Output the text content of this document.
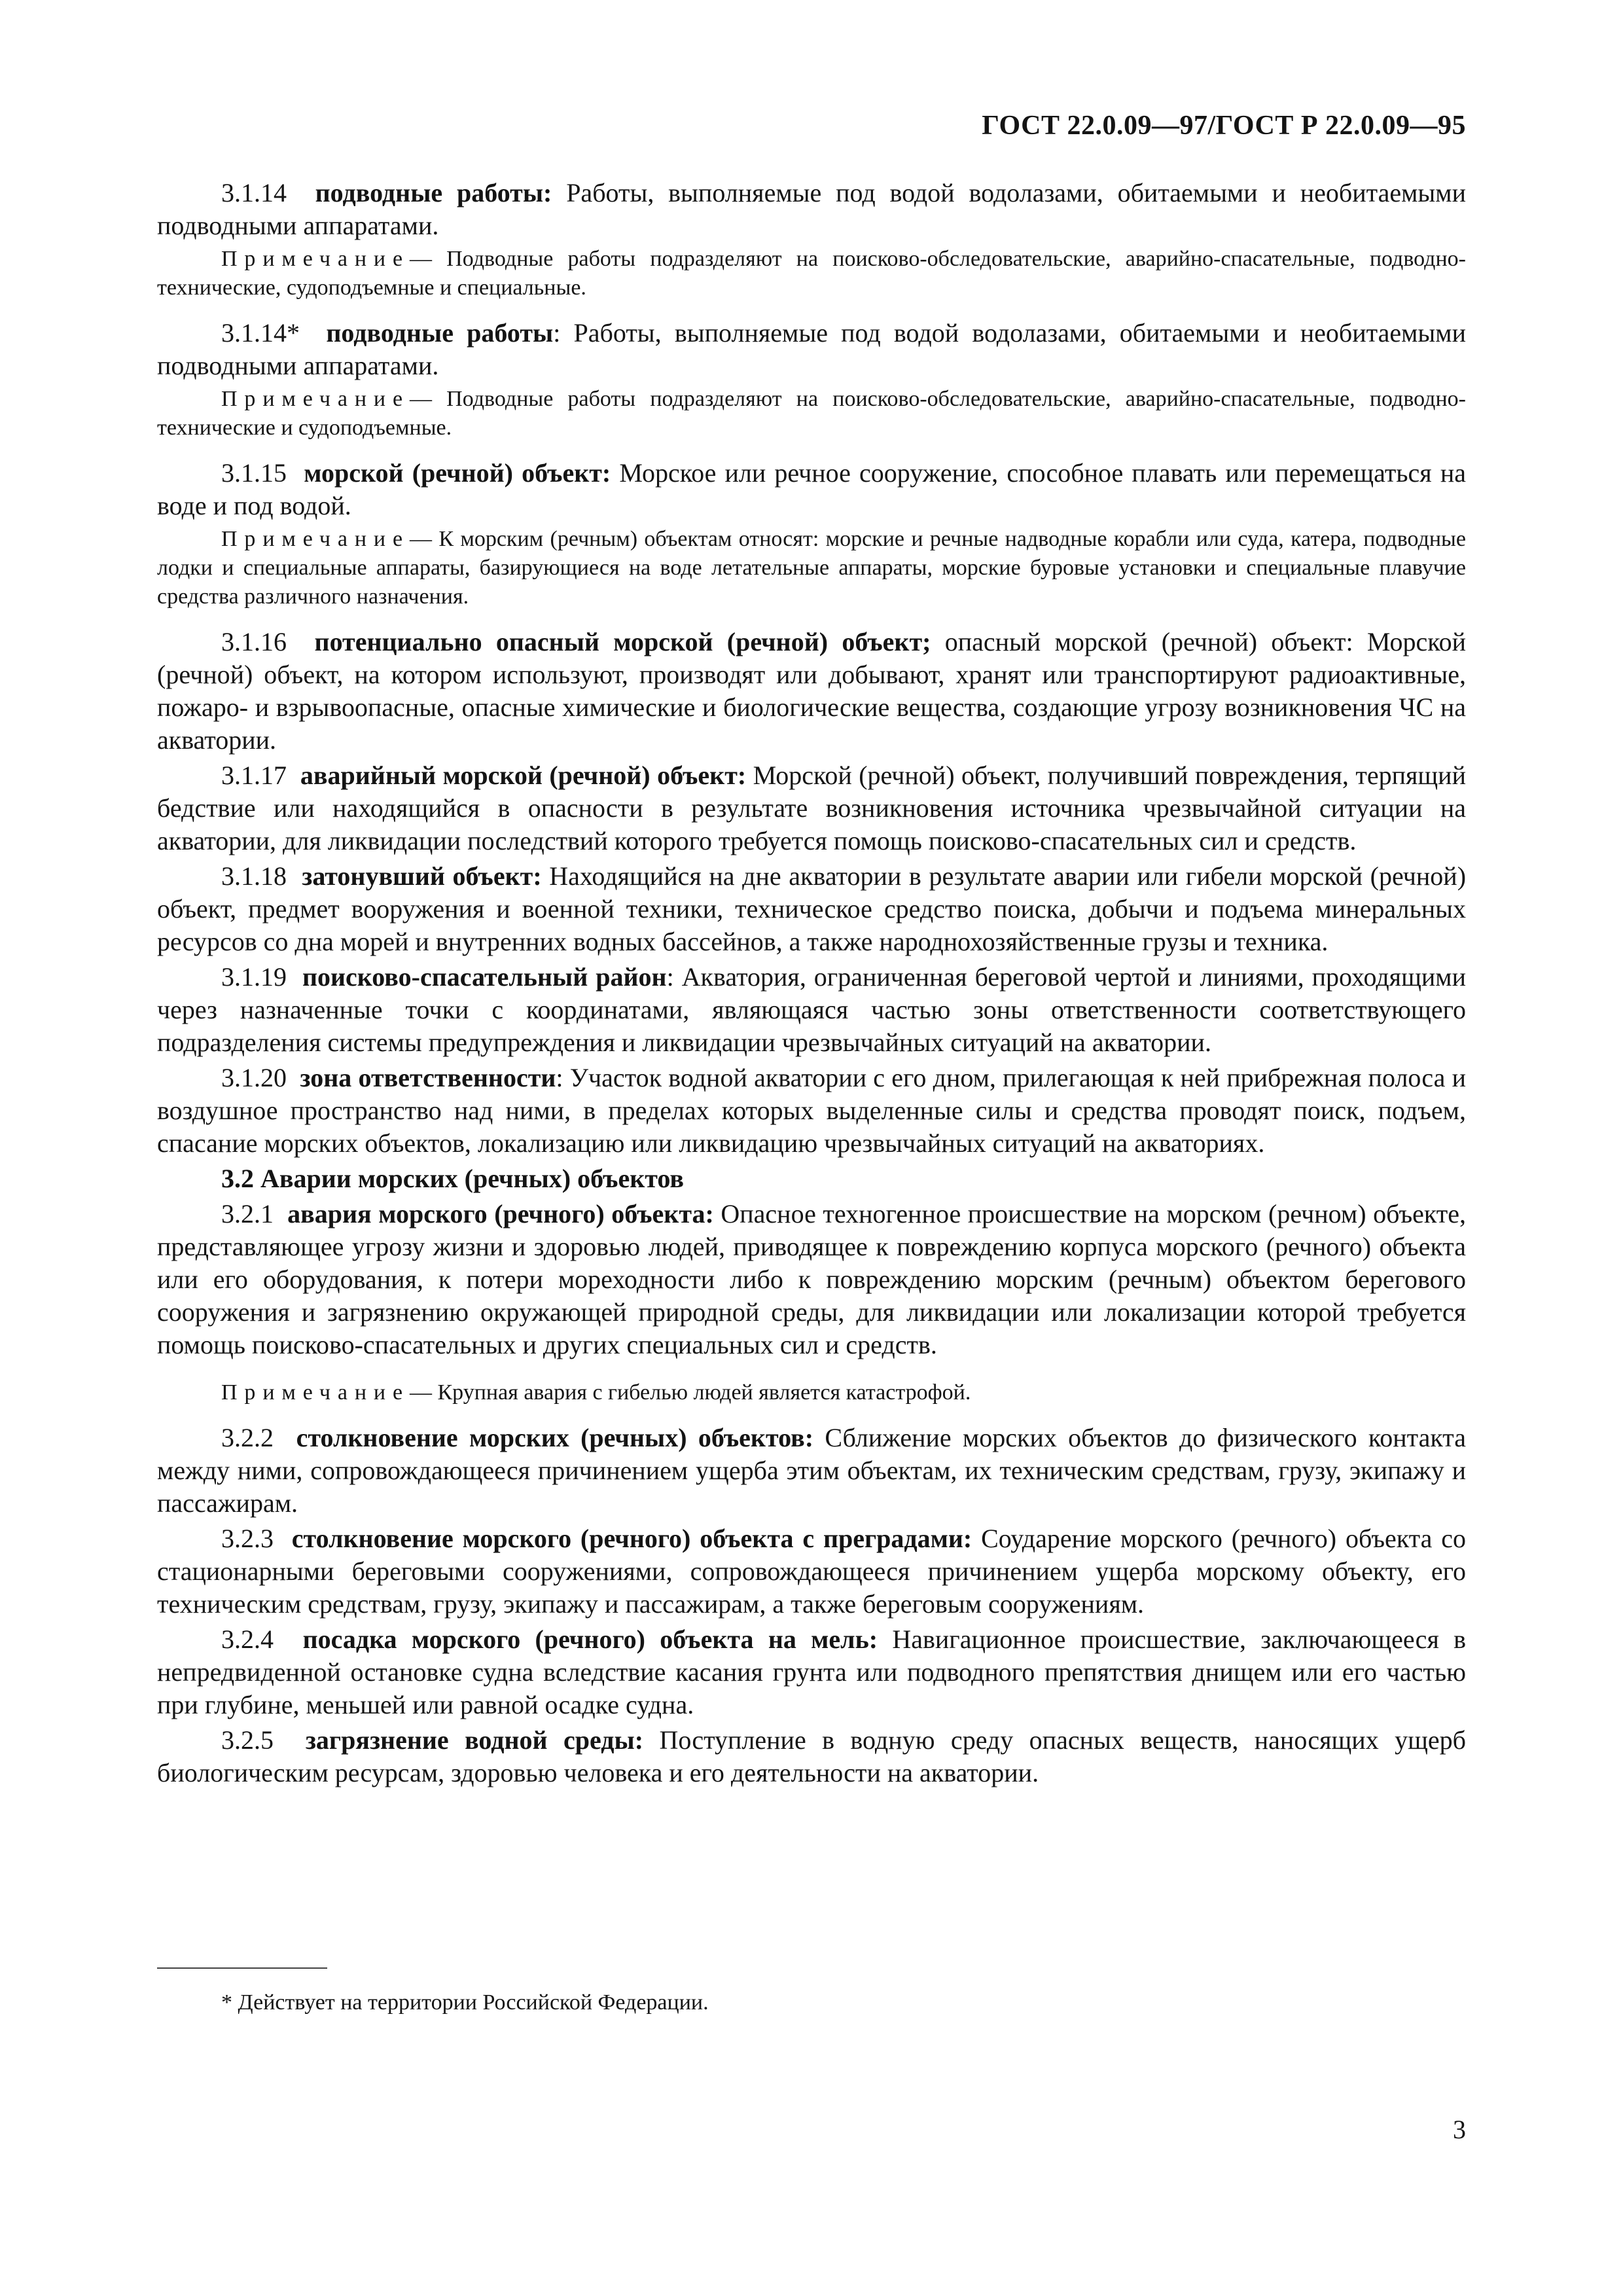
ГОСТ 22.0.09—97/ГОСТ Р 22.0.09—95

3.1.14 подводные работы: Работы, выполняемые под водой водолазами, обитаемыми и необитаемыми подводными аппаратами.

Примечание— Подводные работы подразделяют на поисково-обследовательские, аварийно-спасательные, подводно-технические, судоподъемные и специальные.

3.1.14* подводные работы: Работы, выполняемые под водой водолазами, обитаемыми и необитаемыми подводными аппаратами.

Примечание— Подводные работы подразделяют на поисково-обследовательские, аварийно-спасательные, подводно-технические и судоподъемные.

3.1.15 морской (речной) объект: Морское или речное сооружение, способное плавать или перемещаться на воде и под водой.

Примечание— К морским (речным) объектам относят: морские и речные надводные корабли или суда, катера, подводные лодки и специальные аппараты, базирующиеся на воде летательные аппараты, морские буровые установки и специальные плавучие средства различного назначения.

3.1.16 потенциально опасный морской (речной) объект; опасный морской (речной) объект: Морской (речной) объект, на котором используют, производят или добывают, хранят или транспортируют радиоактивные, пожаро- и взрывоопасные, опасные химические и биологические вещества, создающие угрозу возникновения ЧС на акватории.

3.1.17 аварийный морской (речной) объект: Морской (речной) объект, получивший повреждения, терпящий бедствие или находящийся в опасности в результате возникновения источника чрезвычайной ситуации на акватории, для ликвидации последствий которого требуется помощь поисково-спасательных сил и средств.

3.1.18 затонувший объект: Находящийся на дне акватории в результате аварии или гибели морской (речной) объект, предмет вооружения и военной техники, техническое средство поиска, добычи и подъема минеральных ресурсов со дна морей и внутренних водных бассейнов, а также народнохозяйственные грузы и техника.

3.1.19 поисково-спасательный район: Акватория, ограниченная береговой чертой и линиями, проходящими через назначенные точки с координатами, являющаяся частью зоны ответственности соответствующего подразделения системы предупреждения и ликвидации чрезвычайных ситуаций на акватории.

3.1.20 зона ответственности: Участок водной акватории с его дном, прилегающая к ней прибрежная полоса и воздушное пространство над ними, в пределах которых выделенные силы и средства проводят поиск, подъем, спасание морских объектов, локализацию или ликвидацию чрезвычайных ситуаций на акваториях.

3.2 Аварии морских (речных) объектов

3.2.1 авария морского (речного) объекта: Опасное техногенное происшествие на морском (речном) объекте, представляющее угрозу жизни и здоровью людей, приводящее к повреждению корпуса морского (речного) объекта или его оборудования, к потери мореходности либо к повреждению морским (речным) объектом берегового сооружения и загрязнению окружающей природной среды, для ликвидации или локализации которой требуется помощь поисково-спасательных и других специальных сил и средств.

Примечание— Крупная авария с гибелью людей является катастрофой.

3.2.2 столкновение морских (речных) объектов: Сближение морских объектов до физического контакта между ними, сопровождающееся причинением ущерба этим объектам, их техническим средствам, грузу, экипажу и пассажирам.

3.2.3 столкновение морского (речного) объекта с преградами: Соударение морского (речного) объекта со стационарными береговыми сооружениями, сопровождающееся причинением ущерба морскому объекту, его техническим средствам, грузу, экипажу и пассажирам, а также береговым сооружениям.

3.2.4 посадка морского (речного) объекта на мель: Навигационное происшествие, заключающееся в непредвиденной остановке судна вследствие касания грунта или подводного препятствия днищем или его частью при глубине, меньшей или равной осадке судна.

3.2.5 загрязнение водной среды: Поступление в водную среду опасных веществ, наносящих ущерб биологическим ресурсам, здоровью человека и его деятельности на акватории.

* Действует на территории Российской Федерации.
3
